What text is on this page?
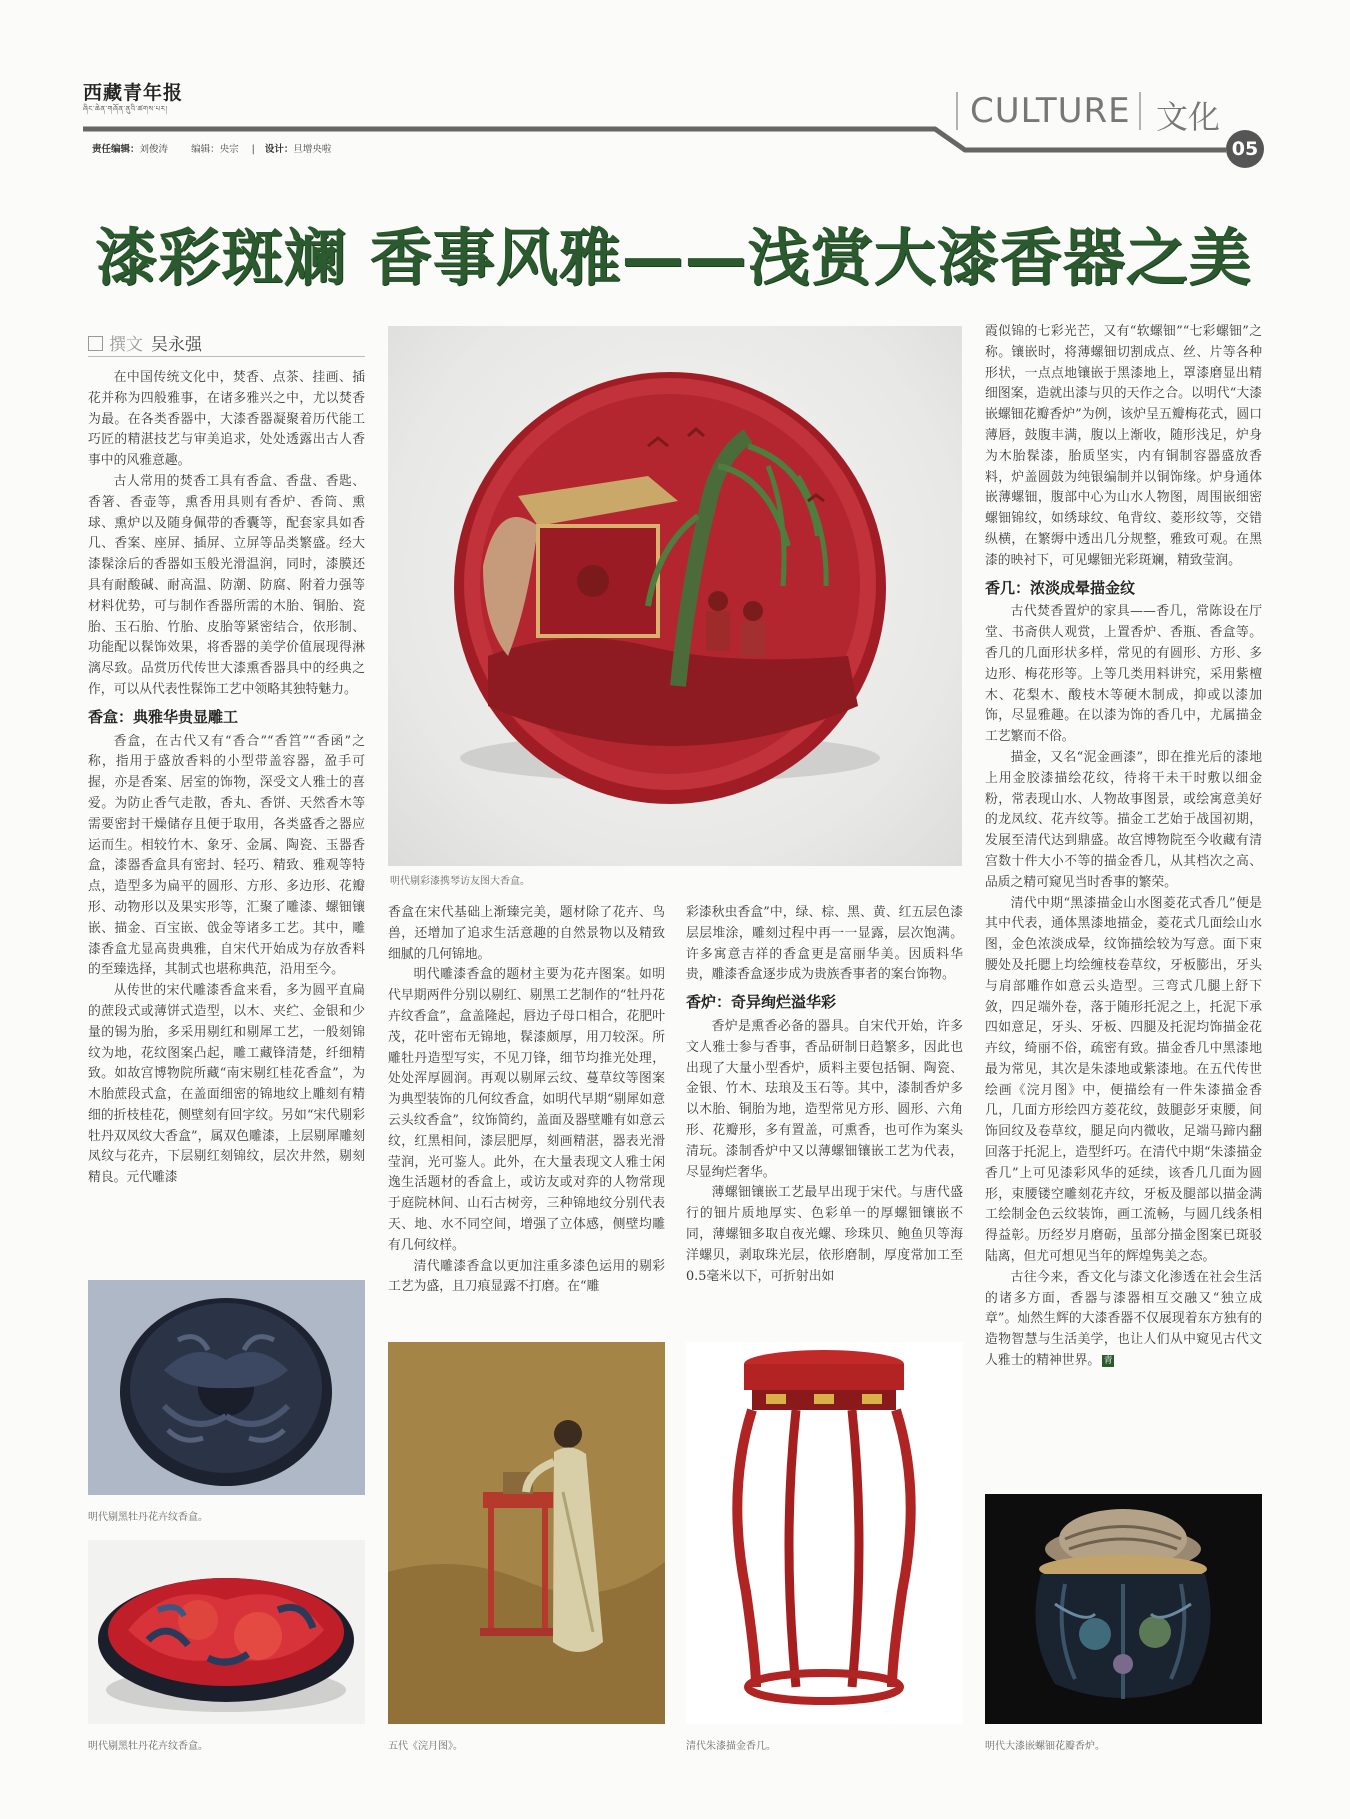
西藏青年报
ཞིང་ཆེན་གཞོན་ནུའི་ཚགས་པར།
责任编辑：刘俊涛 编辑：央宗 | 设计：旦增央啦
CULTURE 文化
05
漆彩斑斓 香事风雅——浅赏大漆香器之美
撰文 吴永强

在中国传统文化中，焚香、点茶、挂画、插花并称为四般雅事，在诸多雅兴之中，尤以焚香为最。在各类香器中，大漆香器凝聚着历代能工巧匠的精湛技艺与审美追求，处处透露出古人香事中的风雅意趣。

古人常用的焚香工具有香盒、香盘、香匙、香箸、香壶等，熏香用具则有香炉、香筒、熏球、熏炉以及随身佩带的香囊等，配套家具如香几、香案、座屏、插屏、立屏等品类繁盛。经大漆髹涂后的香器如玉般光滑温润，同时，漆膜还具有耐酸碱、耐高温、防潮、防腐、附着力强等材料优势，可与制作香器所需的木胎、铜胎、瓷胎、玉石胎、竹胎、皮胎等紧密结合，依形制、功能配以髹饰效果，将香器的美学价值展现得淋漓尽致。品赏历代传世大漆熏香器具中的经典之作，可以从代表性髹饰工艺中领略其独特魅力。

香盒：典雅华贵显雕工

香盒，在古代又有“香合”“香筥”“香函”之称，指用于盛放香料的小型带盖容器，盈手可握，亦是香案、居室的饰物，深受文人雅士的喜爱。为防止香气走散，香丸、香饼、天然香木等需要密封干燥储存且便于取用，各类盛香之器应运而生。相较竹木、象牙、金属、陶瓷、玉器香盒，漆器香盒具有密封、轻巧、精致、雅观等特点，造型多为扁平的圆形、方形、多边形、花瓣形、动物形以及果实形等，汇聚了雕漆、螺钿镶嵌、描金、百宝嵌、戗金等诸多工艺。其中，雕漆香盒尤显高贵典雅，自宋代开始成为存放香料的至臻选择，其制式也堪称典范，沿用至今。

从传世的宋代雕漆香盒来看，多为圆平直扁的蔗段式或薄饼式造型，以木、夹纻、金银和少量的锡为胎，多采用剔红和剔犀工艺，一般刻锦纹为地，花纹图案凸起，雕工藏锋清楚，纤细精致。如故宫博物院所藏“南宋剔红桂花香盒”，为木胎蔗段式盒，在盖面细密的锦地纹上雕刻有精细的折枝桂花，侧壁刻有回字纹。另如“宋代剔彩牡丹双凤纹大香盒”，属双色雕漆，上层剔犀雕刻凤纹与花卉，下层剔红刻锦纹，层次井然，剔刻精良。元代雕漆

明代剔彩漆携琴访友图大香盒。

香盒在宋代基础上渐臻完美，题材除了花卉、鸟兽，还增加了追求生活意趣的自然景物以及精致细腻的几何锦地。

明代雕漆香盒的题材主要为花卉图案。如明代早期两件分别以剔红、剔黑工艺制作的“牡丹花卉纹香盒”，盒盖隆起，唇边子母口相合，花肥叶茂，花叶密布无锦地，髹漆颇厚，用刀较深。所雕牡丹造型写实，不见刀锋，细节均推光处理，处处浑厚圆润。再观以剔犀云纹、蔓草纹等图案为典型装饰的几何纹香盒，如明代早期“剔犀如意云头纹香盒”，纹饰简约，盖面及器壁雕有如意云纹，红黑相间，漆层肥厚，刻画精湛，器表光滑莹润，光可鉴人。此外，在大量表现文人雅士闲逸生活题材的香盒上，或访友或对弈的人物常现于庭院林间、山石古树旁，三种锦地纹分别代表天、地、水不同空间，增强了立体感，侧壁均雕有几何纹样。

清代雕漆香盒以更加注重多漆色运用的剔彩工艺为盛，且刀痕显露不打磨。在“雕

彩漆秋虫香盒”中，绿、棕、黑、黄、红五层色漆层层堆涂，雕刻过程中再一一显露，层次饱满。许多寓意吉祥的香盒更是富丽华美。因质料华贵，雕漆香盒逐步成为贵族香事者的案台饰物。

香炉：奇异绚烂溢华彩

香炉是熏香必备的器具。自宋代开始，许多文人雅士参与香事，香品研制日趋繁多，因此也出现了大量小型香炉，质料主要包括铜、陶瓷、金银、竹木、珐琅及玉石等。其中，漆制香炉多以木胎、铜胎为地，造型常见方形、圆形、六角形、花瓣形，多有置盖，可熏香，也可作为案头清玩。漆制香炉中又以薄螺钿镶嵌工艺为代表，尽显绚烂奢华。

薄螺钿镶嵌工艺最早出现于宋代。与唐代盛行的钿片质地厚实、色彩单一的厚螺钿镶嵌不同，薄螺钿多取自夜光螺、珍珠贝、鲍鱼贝等海洋螺贝，剥取珠光层，依形磨制，厚度常加工至0.5毫米以下，可折射出如

霞似锦的七彩光芒，又有“软螺钿”“七彩螺钿”之称。镶嵌时，将薄螺钿切割成点、丝、片等各种形状，一点点地镶嵌于黑漆地上，罩漆磨显出精细图案，造就出漆与贝的天作之合。以明代“大漆嵌螺钿花瓣香炉”为例，该炉呈五瓣梅花式，圆口薄唇，鼓腹丰满，腹以上渐收，随形浅足，炉身为木胎髹漆，胎质坚实，内有铜制容器盛放香料，炉盖圆鼓为纯银编制并以铜饰缘。炉身通体嵌薄螺钿，腹部中心为山水人物图，周围嵌细密螺钿锦纹，如绣球纹、龟背纹、菱形纹等，交错纵横，在繁缛中透出几分规整，雅致可观。在黑漆的映衬下，可见螺钿光彩斑斓，精致莹润。

香几：浓淡成晕描金纹

古代焚香置炉的家具——香几，常陈设在厅堂、书斋供人观赏，上置香炉、香瓶、香盒等。香几的几面形状多样，常见的有圆形、方形、多边形、梅花形等。上等几类用料讲究，采用紫檀木、花梨木、酸枝木等硬木制成，抑或以漆加饰，尽显雅趣。在以漆为饰的香几中，尤属描金工艺繁而不俗。

描金，又名“泥金画漆”，即在推光后的漆地上用金胶漆描绘花纹，待将干未干时敷以细金粉，常表现山水、人物故事图景，或绘寓意美好的龙凤纹、花卉纹等。描金工艺始于战国初期，发展至清代达到鼎盛。故宫博物院至今收藏有清宫数十件大小不等的描金香几，从其档次之高、品质之精可窥见当时香事的繁荣。

清代中期“黑漆描金山水图菱花式香几”便是其中代表，通体黑漆地描金，菱花式几面绘山水图，金色浓淡成晕，纹饰描绘较为写意。面下束腰处及托腮上均绘缠枝卷草纹，牙板膨出，牙头与肩部雕作如意云头造型。三弯式几腿上舒下敛，四足端外卷，落于随形托泥之上，托泥下承四如意足，牙头、牙板、四腿及托泥均饰描金花卉纹，绮丽不俗，疏密有致。描金香几中黑漆地最为常见，其次是朱漆地或紫漆地。在五代传世绘画《浣月图》中，便描绘有一件朱漆描金香几，几面方形绘四方菱花纹，鼓腿彭牙束腰，间饰回纹及卷草纹，腿足向内微收，足端马蹄内翻回落于托泥上，造型纤巧。在清代中期“朱漆描金香几”上可见漆彩风华的延续，该香几几面为圆形，束腰镂空雕刻花卉纹，牙板及腿部以描金满工绘制金色云纹装饰，画工流畅，与圆几线条相得益彰。历经岁月磨砺，虽部分描金图案已斑驳陆离，但尤可想见当年的辉煌隽美之态。

古往今来，香文化与漆文化渗透在社会生活的诸多方面，香器与漆器相互交融又“独立成章”。灿然生辉的大漆香器不仅展现着东方独有的造物智慧与生活美学，也让人们从中窥见古代文人雅士的精神世界。 青

明代剔黑牡丹花卉纹香盒。
明代剔黑牡丹花卉纹香盒。	五代《浣月图》。	清代朱漆描金香几。	明代大漆嵌螺钿花瓣香炉。
